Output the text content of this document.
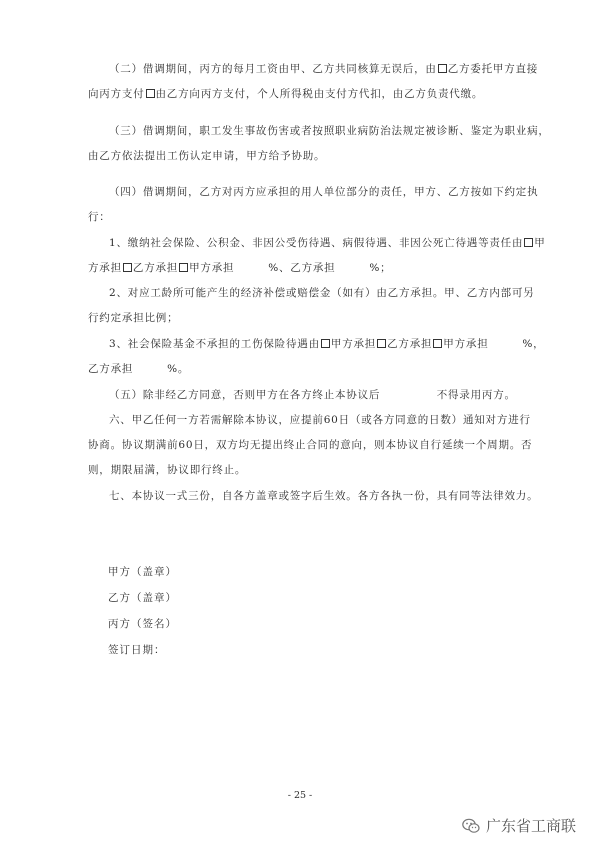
（二）借调期间，丙方的每月工资由甲、乙方共同核算无误后，由 乙方委托甲方直接
向丙方支付 由乙方向丙方支付，个人所得税由支付方代扣，由乙方负责代缴。
（三）借调期间，职工发生事故伤害或者按照职业病防治法规定被诊断、鉴定为职业病，
由乙方依法提出工伤认定申请，甲方给予协助。
（四）借调期间，乙方对丙方应承担的用人单位部分的责任，甲方、乙方按如下约定执
行：
1、缴纳社会保险、公积金、非因公受伤待遇、病假待遇、非因公死亡待遇等责任由 甲
方承担 乙方承担 甲方承担　　　%、乙方承担　　　%；
2、对应工龄所可能产生的经济补偿或赔偿金（如有）由乙方承担。甲、乙方内部可另
行约定承担比例；
3、社会保险基金不承担的工伤保险待遇由 甲方承担 乙方承担 甲方承担　　　%，
乙方承担　　　%。
（五）除非经乙方同意，否则甲方在各方终止本协议后　　　　　不得录用丙方。
六、甲乙任何一方若需解除本协议，应提前60日（或各方同意的日数）通知对方进行
协商。协议期满前60日，双方均无提出终止合同的意向，则本协议自行延续一个周期。否
则，期限届满，协议即行终止。
七、本协议一式三份，自各方盖章或签字后生效。各方各执一份，具有同等法律效力。
甲方（盖章）
乙方（盖章）
丙方（签名）
签订日期：
- 25 -
广东省工商联
